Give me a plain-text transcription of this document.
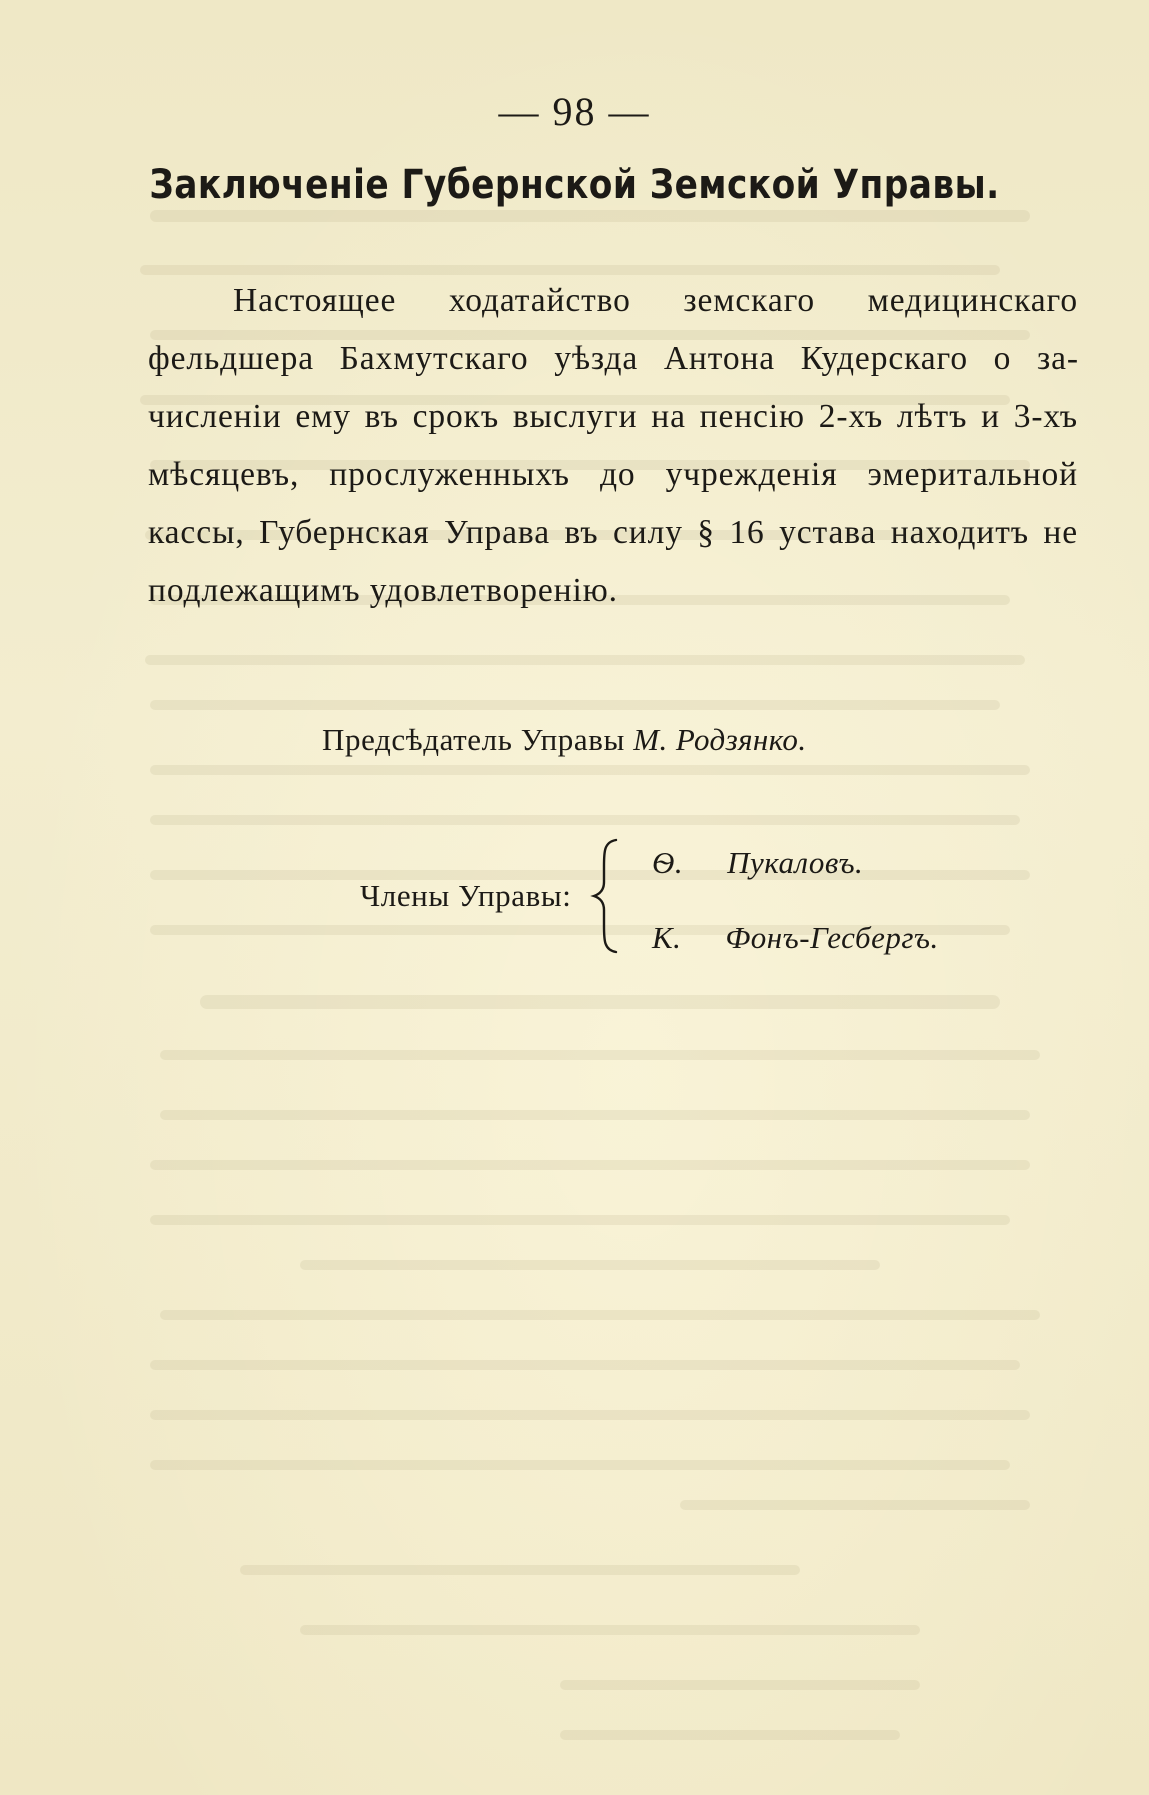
— 98 —
Заключеніе Губернской Земской Управы.

Настоящее ходатайство земскаго медицинскаго фельдшера Бахмутскаго уѣзда Антона Кудерскаго о зачисленіи ему въ срокъ выслуги на пенсію 2-хъ лѣтъ и 3-хъ мѣсяцевъ, прослуженныхъ до учрежденія эмеритальной кассы, Губернская Управа въ силу § 16 устава находитъ не подлежащимъ удовлетворенію.

Предсѣдатель Управы М. Родзянко.
Члены Управы:
Ѳ. Пукаловъ.
К. Фонъ-Гесбергъ.
